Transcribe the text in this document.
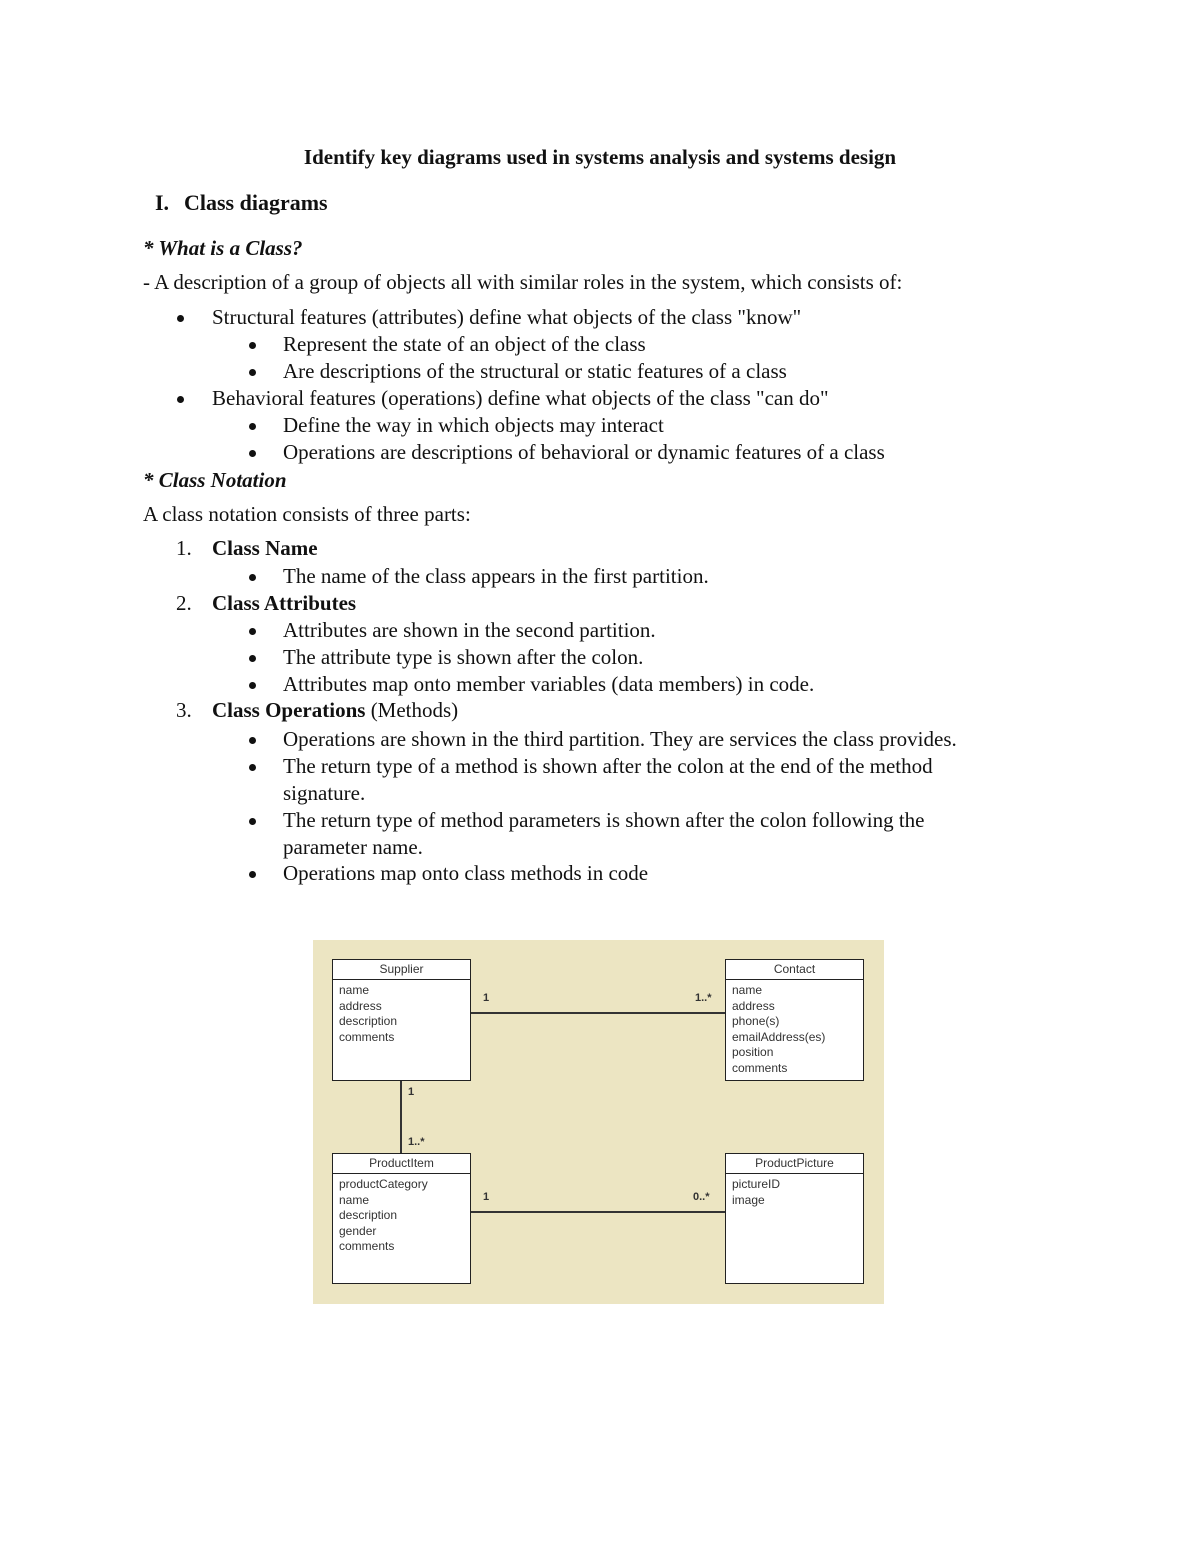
Identify key diagrams used in systems analysis and systems design
I. Class diagrams
* What is a Class?
- A description of a group of objects all with similar roles in the system, which consists of:
Structural features (attributes) define what objects of the class "know"
Represent the state of an object of the class
Are descriptions of the structural or static features of a class
Behavioral features (operations) define what objects of the class "can do"
Define the way in which objects may interact
Operations are descriptions of behavioral or dynamic features of a class
* Class Notation
A class notation consists of three parts:
1. Class Name
The name of the class appears in the first partition.
2. Class Attributes
Attributes are shown in the second partition.
The attribute type is shown after the colon.
Attributes map onto member variables (data members) in code.
3. Class Operations (Methods)
Operations are shown in the third partition. They are services the class provides.
The return type of a method is shown after the colon at the end of the method
signature.
The return type of method parameters is shown after the colon following the
parameter name.
Operations map onto class methods in code
Supplier
name
address
description
comments
Contact
name
address
phone(s)
emailAddress(es)
position
comments
ProductItem
productCategory
name
description
gender
comments
ProductPicture
pictureID
image
1	1..*
1
1..*
1	0..*
